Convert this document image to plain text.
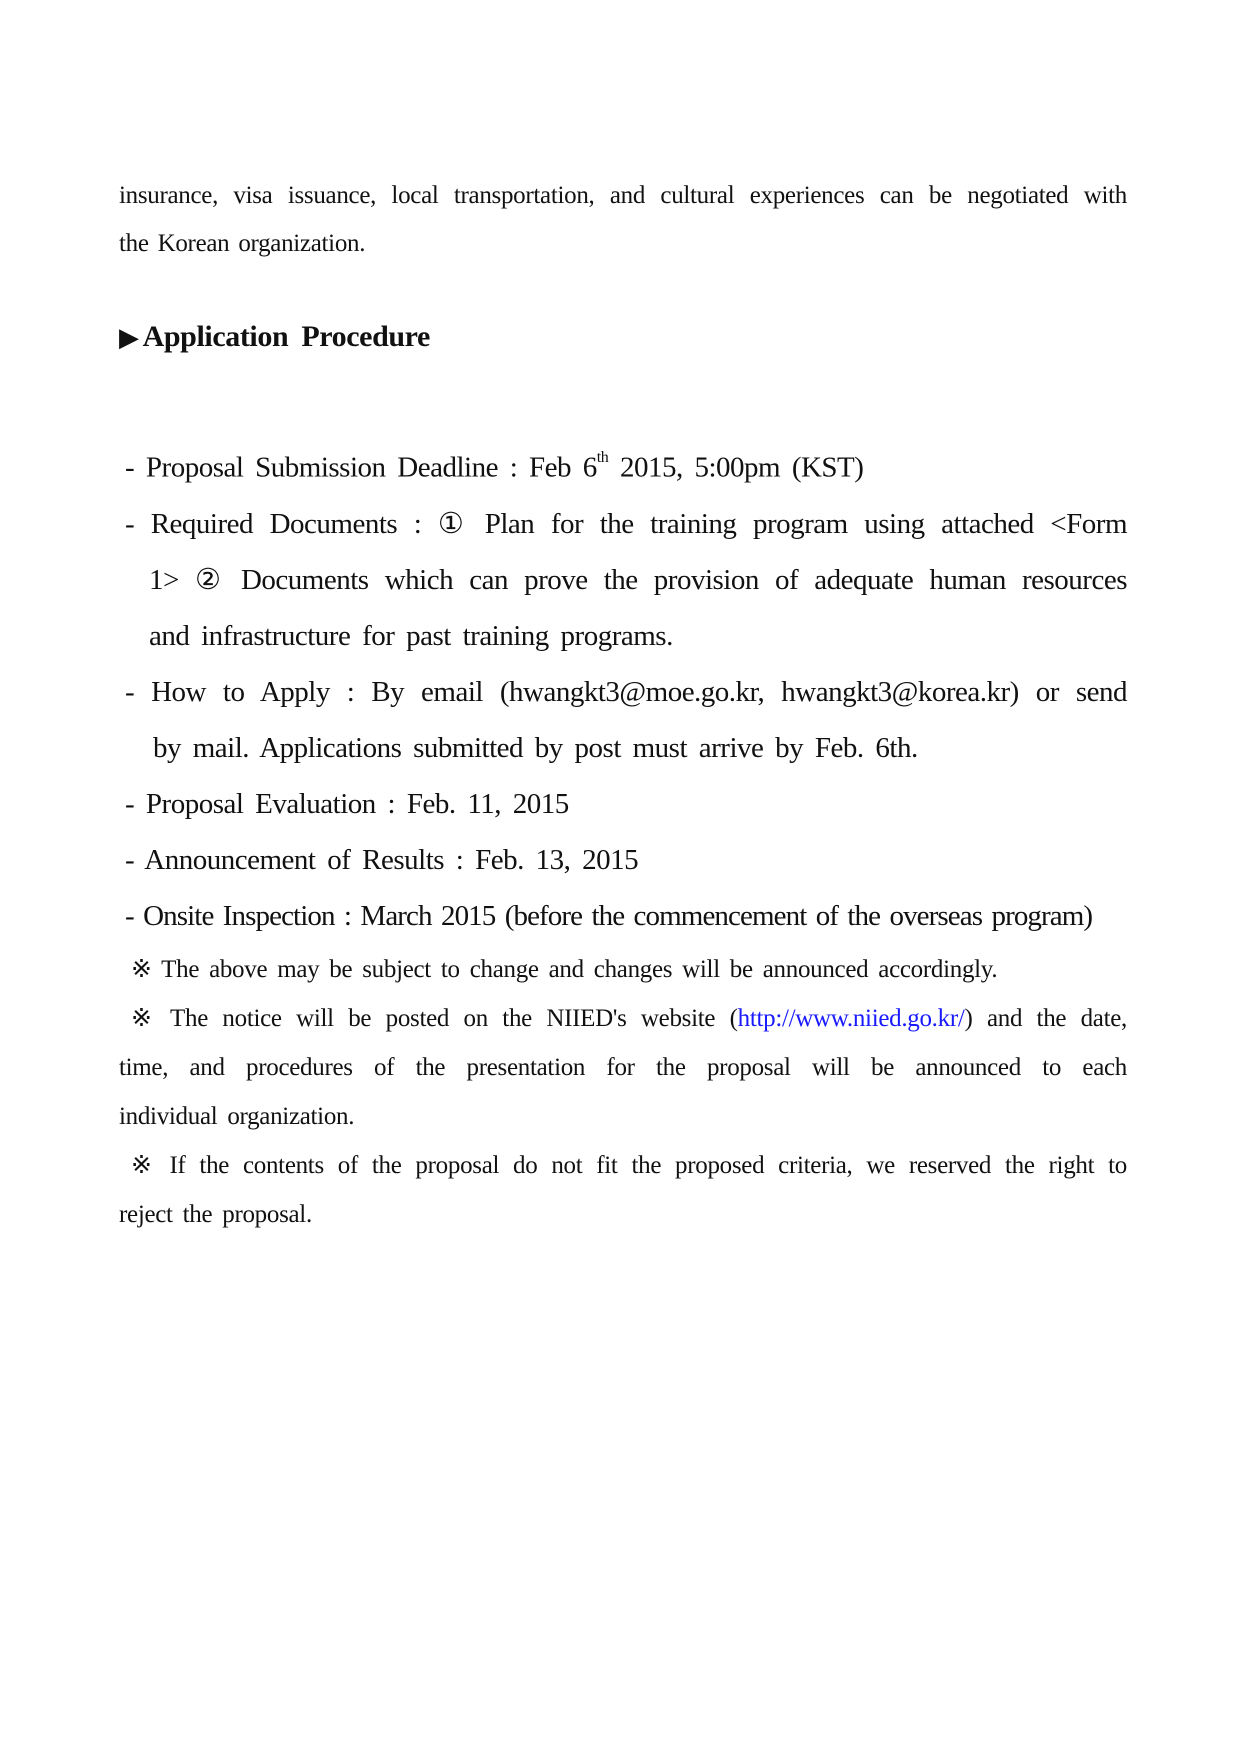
insurance, visa issuance, local transportation, and cultural experiences can be negotiated with
the Korean organization.
▶ Application Procedure
- Proposal Submission Deadline : Feb 6th 2015, 5:00pm (KST)
- Required Documents : ① Plan for the training program using attached <Form
1> ② Documents which can prove the provision of adequate human resources
and infrastructure for past training programs.
- How to Apply : By email (hwangkt3@moe.go.kr, hwangkt3@korea.kr) or send
by mail. Applications submitted by post must arrive by Feb. 6th.
- Proposal Evaluation : Feb. 11, 2015
- Announcement of Results : Feb. 13, 2015
- Onsite Inspection : March 2015 (before the commencement of the overseas program)
※ The above may be subject to change and changes will be announced accordingly.
※ The notice will be posted on the NIIED's website (http://www.niied.go.kr/) and the date,
time, and procedures of the presentation for the proposal will be announced to each
individual organization.
※ If the contents of the proposal do not fit the proposed criteria, we reserved the right to
reject the proposal.
